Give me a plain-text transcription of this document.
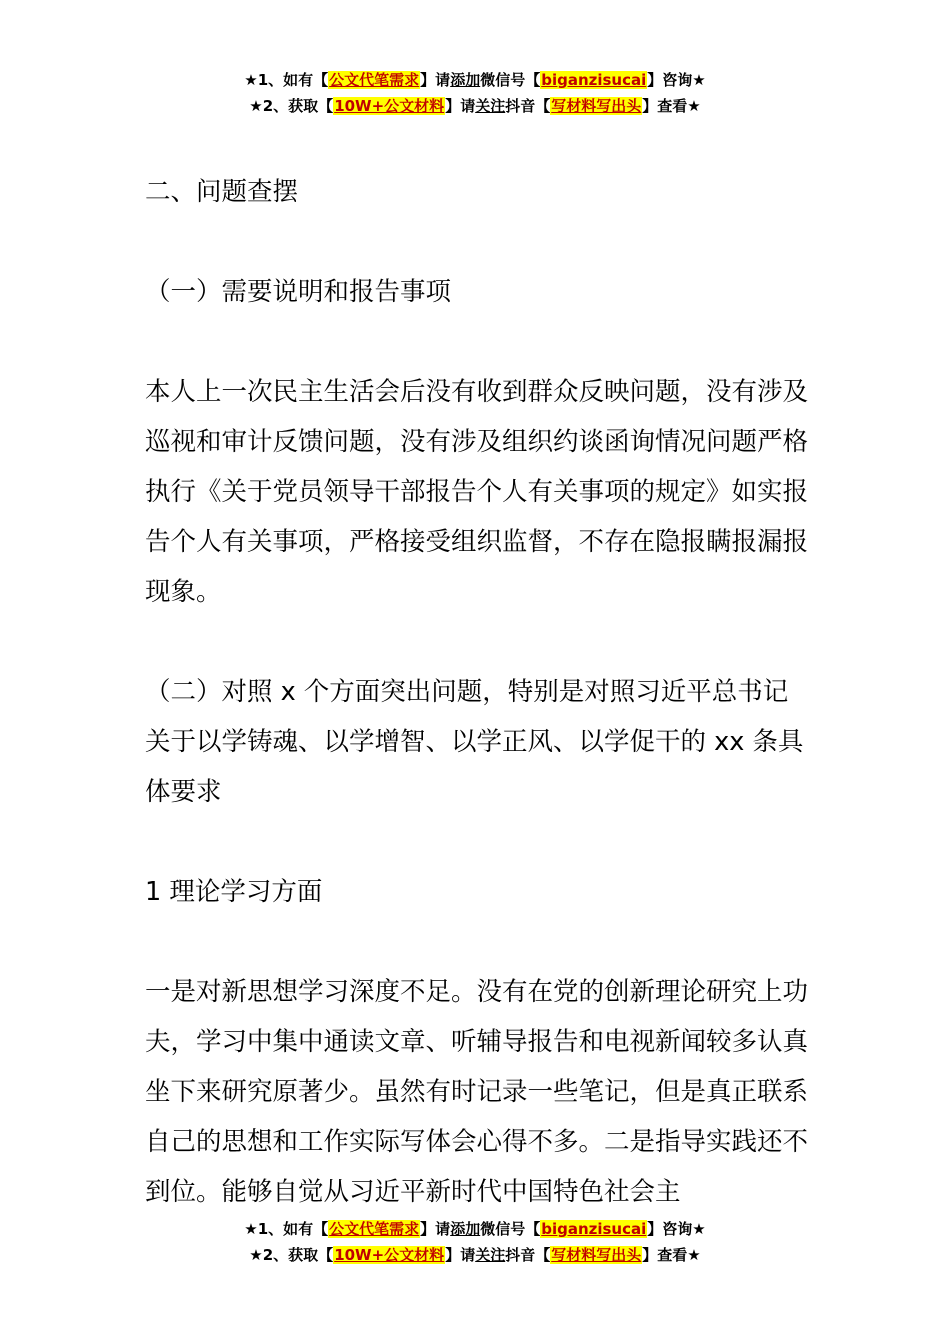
★1、如有【公文代笔需求】请添加微信号【biganzisucai】咨询★
★2、获取【10W+公文材料】请关注抖音【写材料写出头】查看★

二、问题查摆

（一）需要说明和报告事项

本人上一次民主生活会后没有收到群众反映问题，没有涉及巡视和审计反馈问题，没有涉及组织约谈函询情况问题严格执行《关于党员领导干部报告个人有关事项的规定》如实报告个人有关事项，严格接受组织监督，不存在隐报瞒报漏报现象。

（二）对照 x 个方面突出问题，特别是对照习近平总书记关于以学铸魂、以学增智、以学正风、以学促干的 xx 条具体要求

1 理论学习方面

一是对新思想学习深度不足。没有在党的创新理论研究上功夫，学习中集中通读文章、听辅导报告和电视新闻较多认真坐下来研究原著少。虽然有时记录一些笔记，但是真正联系自己的思想和工作实际写体会心得不多。二是指导实践还不到位。能够自觉从习近平新时代中国特色社会主

★1、如有【公文代笔需求】请添加微信号【biganzisucai】咨询★
★2、获取【10W+公文材料】请关注抖音【写材料写出头】查看★
